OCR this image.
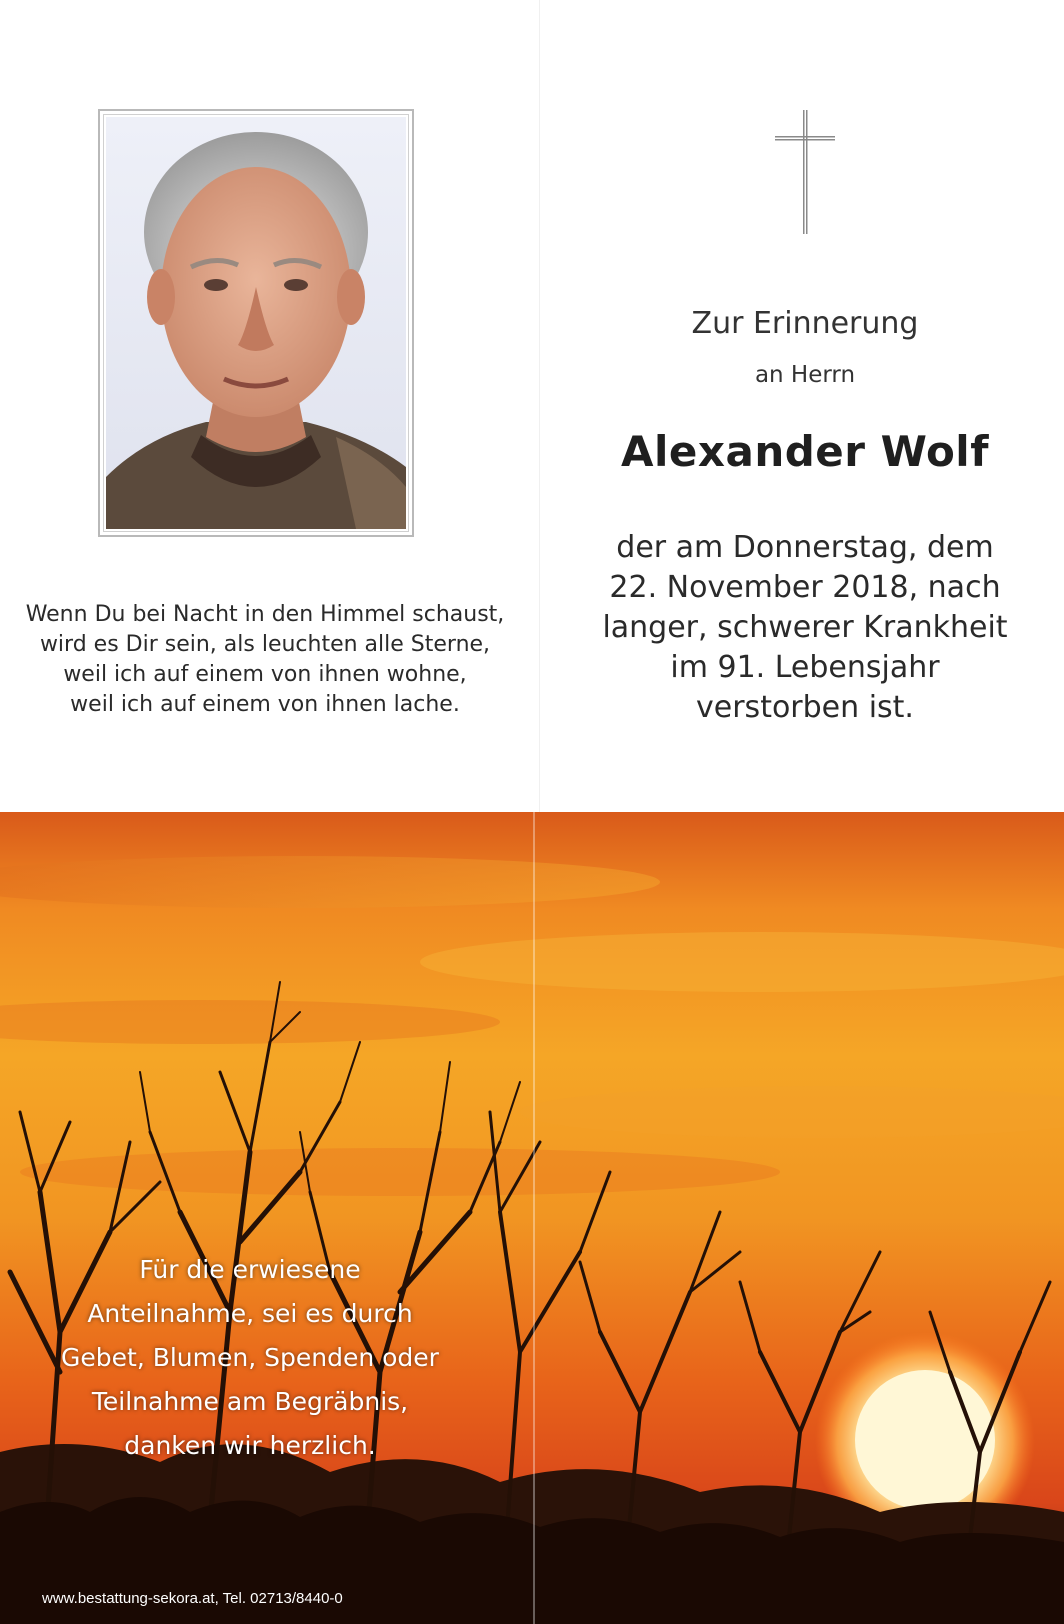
Wenn Du bei Nacht in den Himmel schaust,
wird es Dir sein, als leuchten alle Sterne,
weil ich auf einem von ihnen wohne,
weil ich auf einem von ihnen lache.
Zur Erinnerung
an Herrn
Alexander Wolf
der am Donnerstag, dem
22. November 2018, nach
langer, schwerer Krankheit
im 91. Lebensjahr
verstorben ist.
Für die erwiesene
Anteilnahme, sei es durch
Gebet, Blumen, Spenden oder
Teilnahme am Begräbnis,
danken wir herzlich.
www.bestattung-sekora.at, Tel. 02713/8440-0
